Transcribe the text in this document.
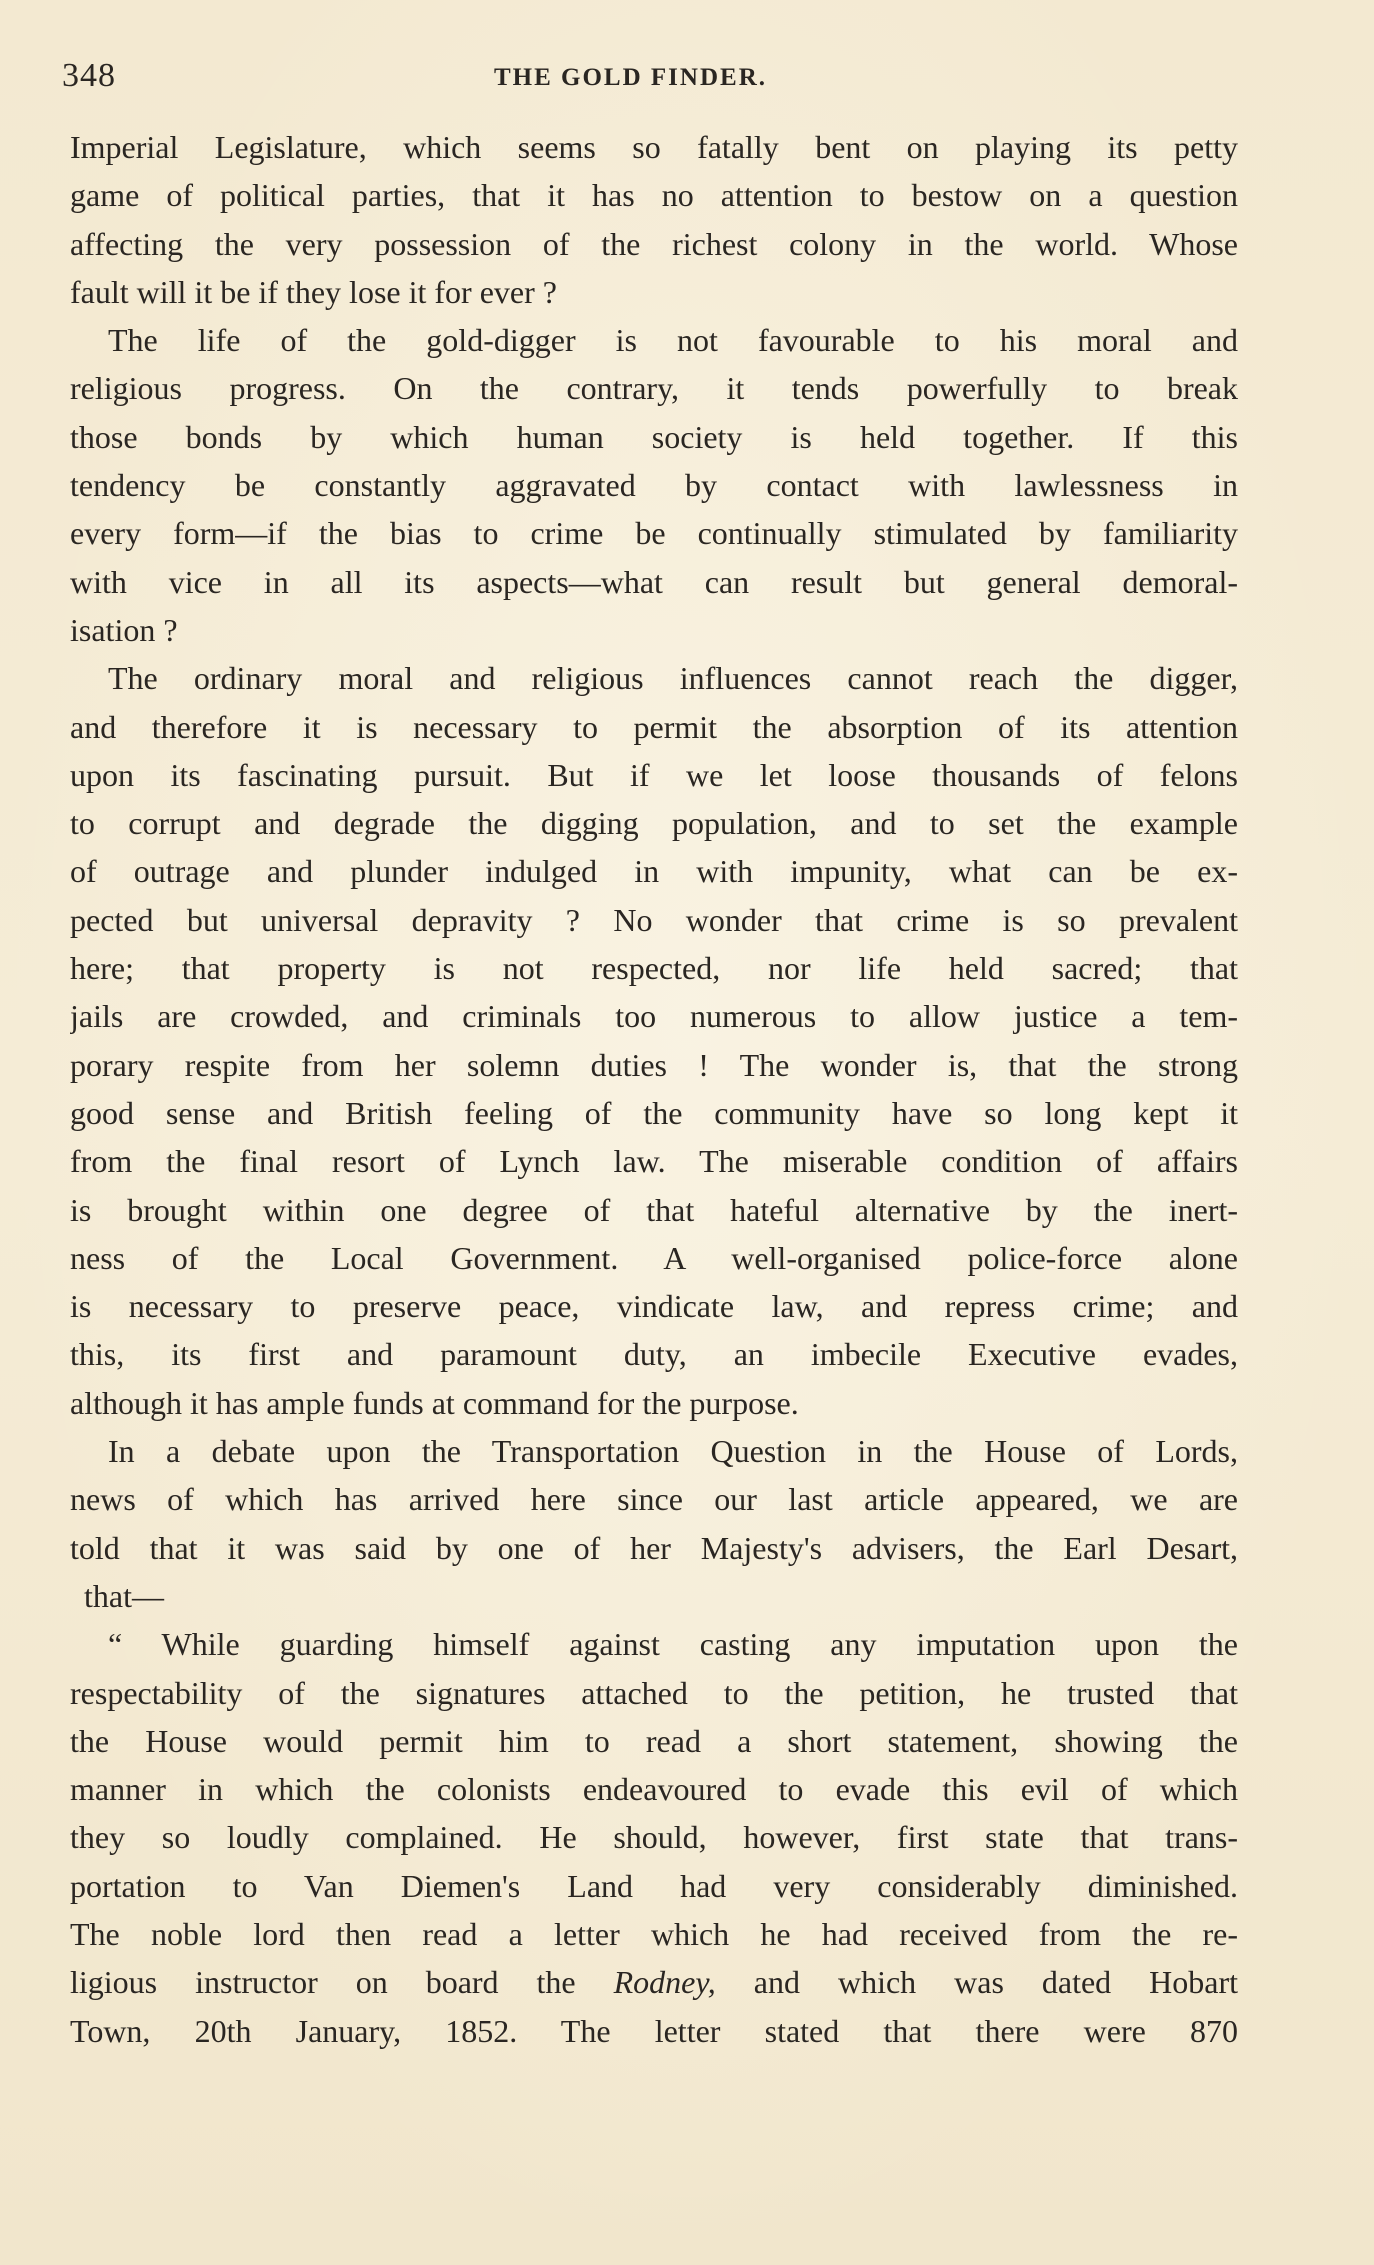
348	THE GOLD FINDER.
Imperial Legislature, which seems so fatally bent on playing its petty
game of political parties, that it has no attention to bestow on a question
affecting the very possession of the richest colony in the world. Whose
fault will it be if they lose it for ever ?
The life of the gold-digger is not favourable to his moral and
religious progress. On the contrary, it tends powerfully to break
those bonds by which human society is held together. If this
tendency be constantly aggravated by contact with lawlessness in
every form—if the bias to crime be continually stimulated by familiarity
with vice in all its aspects—what can result but general demoral-
isation ?
The ordinary moral and religious influences cannot reach the digger,
and therefore it is necessary to permit the absorption of its attention
upon its fascinating pursuit. But if we let loose thousands of felons
to corrupt and degrade the digging population, and to set the example
of outrage and plunder indulged in with impunity, what can be ex-
pected but universal depravity ? No wonder that crime is so prevalent
here; that property is not respected, nor life held sacred; that
jails are crowded, and criminals too numerous to allow justice a tem-
porary respite from her solemn duties ! The wonder is, that the strong
good sense and British feeling of the community have so long kept it
from the final resort of Lynch law. The miserable condition of affairs
is brought within one degree of that hateful alternative by the inert-
ness of the Local Government. A well-organised police-force alone
is necessary to preserve peace, vindicate law, and repress crime; and
this, its first and paramount duty, an imbecile Executive evades,
although it has ample funds at command for the purpose.
In a debate upon the Transportation Question in the House of Lords,
news of which has arrived here since our last article appeared, we are
told that it was said by one of her Majesty's advisers, the Earl Desart,
that—
“ While guarding himself against casting any imputation upon the
respectability of the signatures attached to the petition, he trusted that
the House would permit him to read a short statement, showing the
manner in which the colonists endeavoured to evade this evil of which
they so loudly complained. He should, however, first state that trans-
portation to Van Diemen's Land had very considerably diminished.
The noble lord then read a letter which he had received from the re-
ligious instructor on board the Rodney, and which was dated Hobart
Town, 20th January, 1852. The letter stated that there were 870
